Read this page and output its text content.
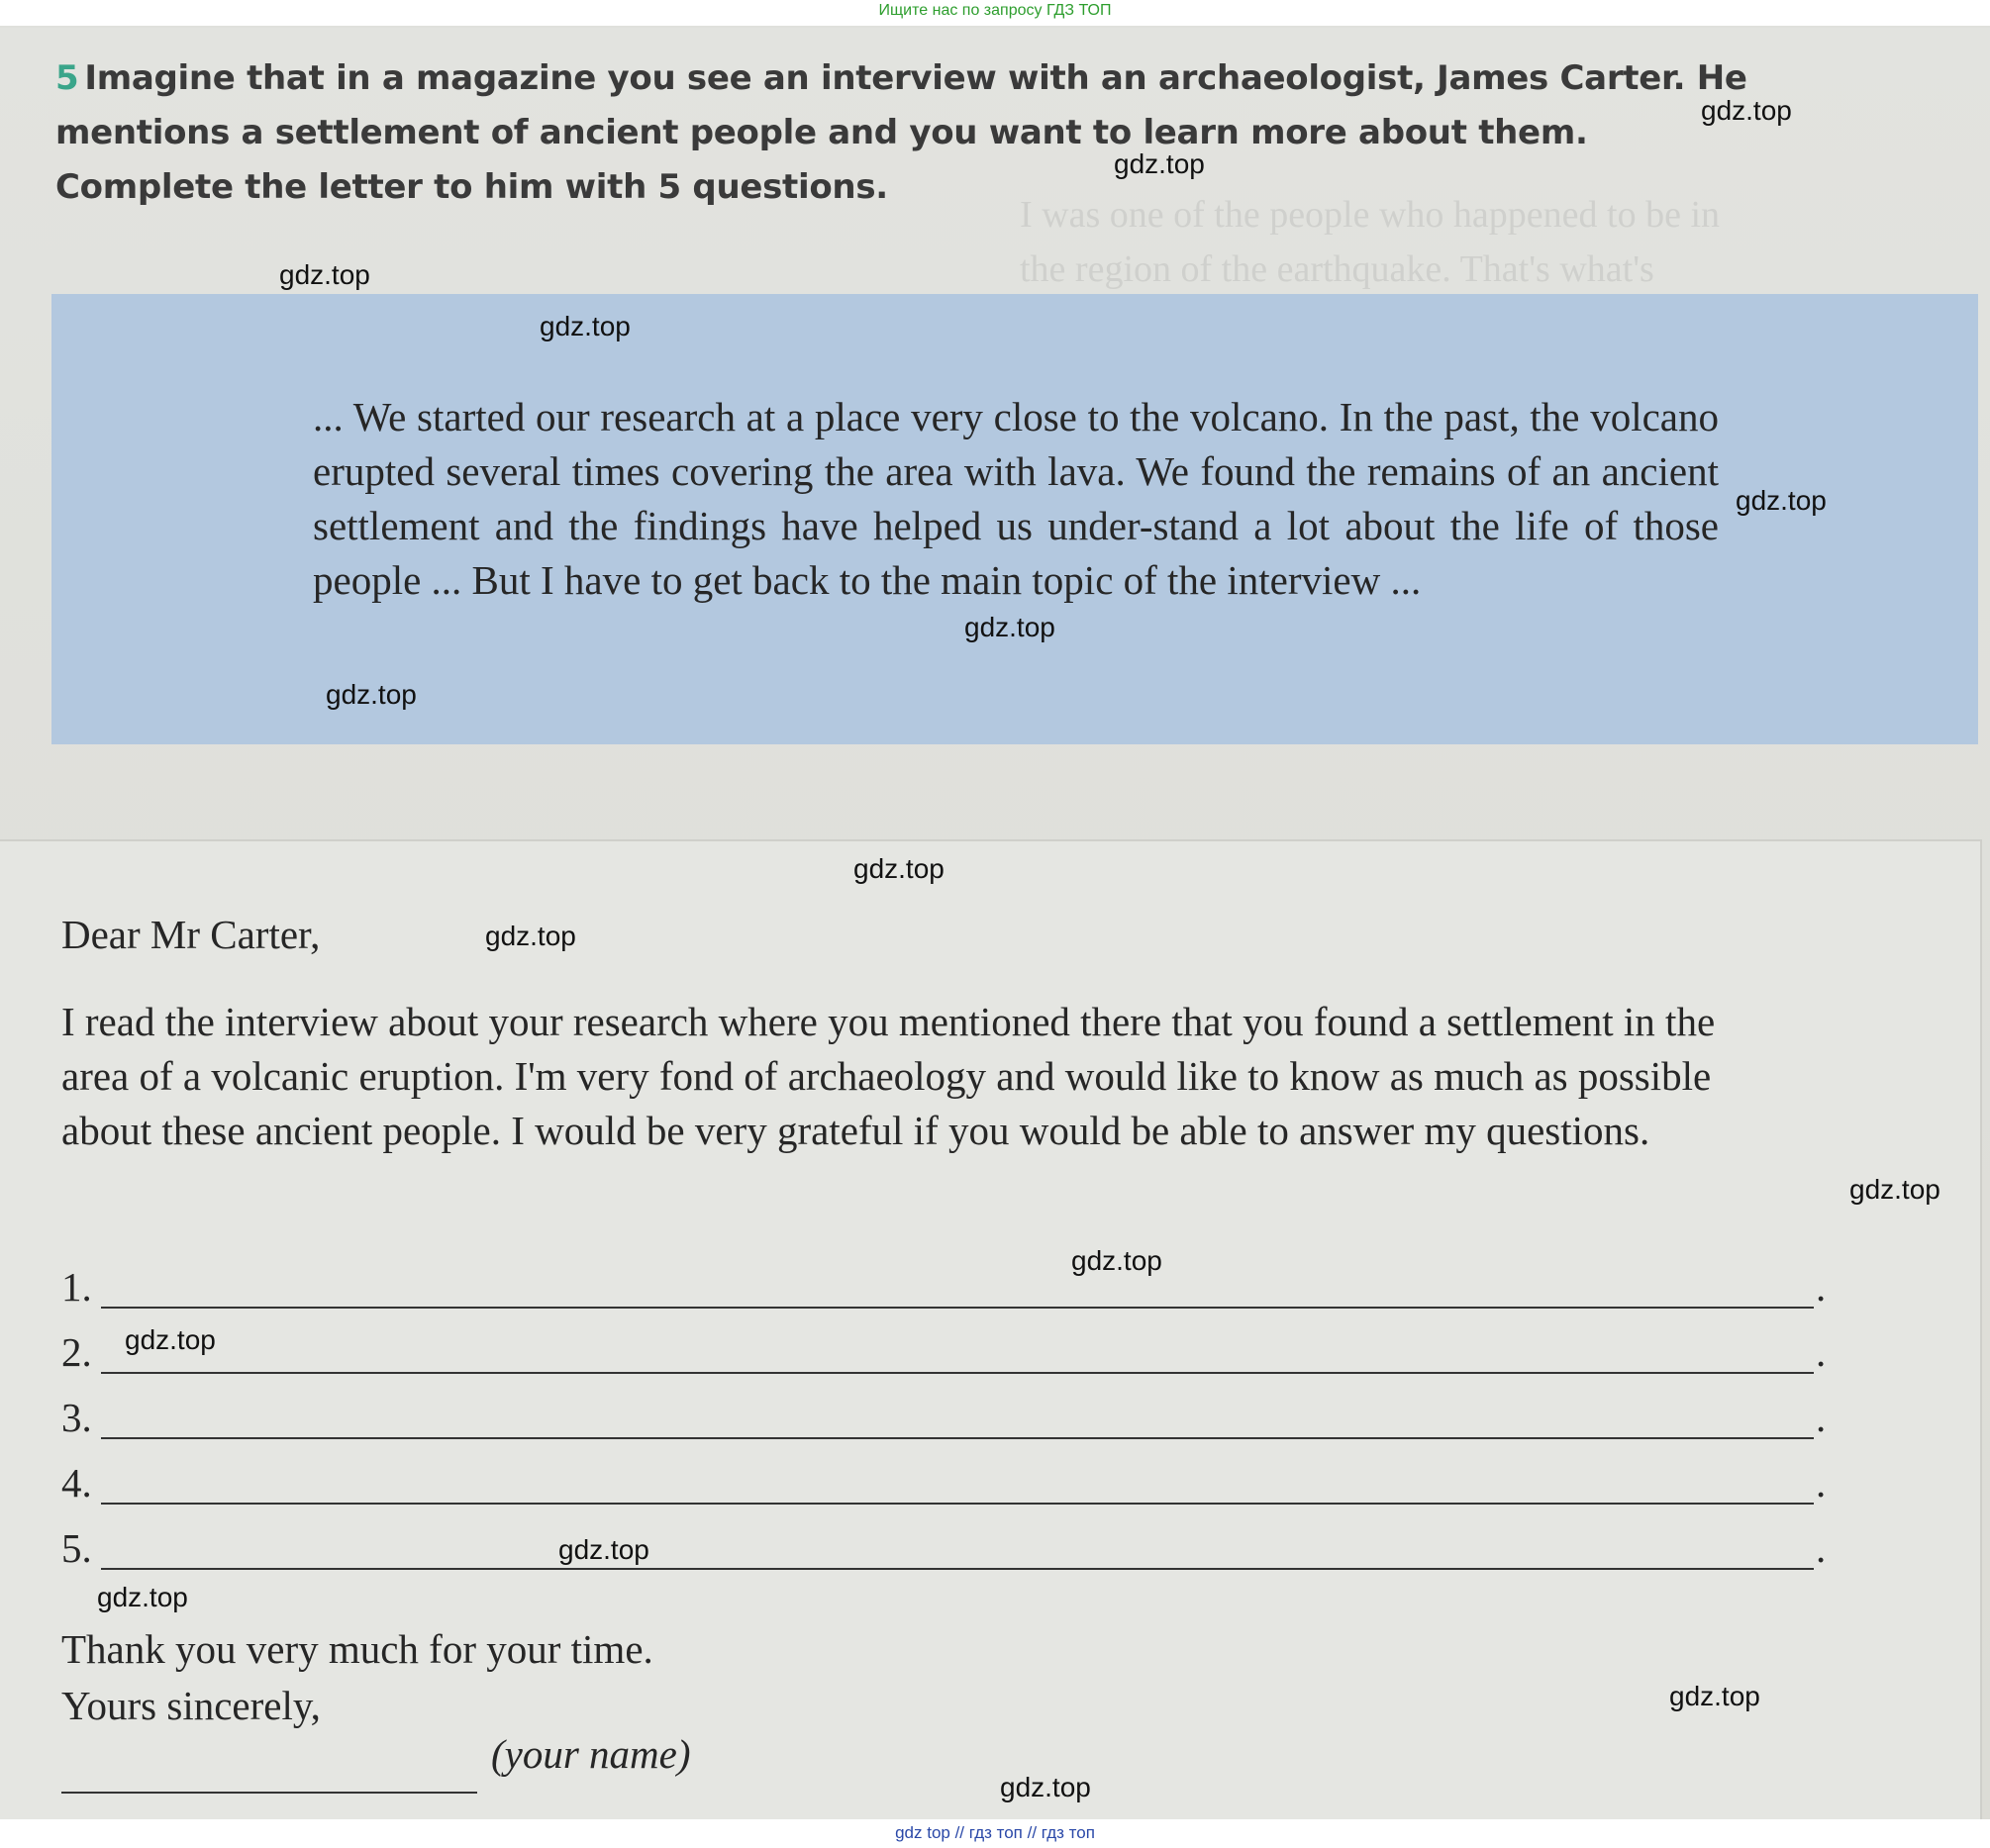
I was one of the people who happened to be in
the region of the earthquake. That's what's

Ищите нас по запросу ГДЗ ТОП
5 Imagine that in a magazine you see an interview with an archaeologist, James Carter. He mentions a settlement of ancient people and you want to learn more about them. Complete the letter to him with 5 questions.
... We started our research at a place very close to the volcano. In the past, the volcano erupted several times covering the area with lava. We found the remains of an ancient settlement and the findings have helped us under-stand a lot about the life of those people ... But I have to get back to the main topic of the interview ...
Dear Mr Carter,
I read the interview about your research where you mentioned there that you found a settlement in the area of a volcanic eruption. I'm very fond of archaeology and would like to know as much as possible about these ancient people. I would be very grateful if you would be able to answer my questions.
1.	.
2.	.
3.	.
4.	.
5.	.
Thank you very much for your time.
Yours sincerely,
(your name)
gdz.top
gdz.top
gdz.top
gdz.top
gdz.top
gdz.top
gdz.top
gdz.top
gdz.top
gdz.top
gdz.top
gdz.top
gdz.top
gdz.top
gdz.top
gdz.top
gdz top // гдз топ // гдз топ
